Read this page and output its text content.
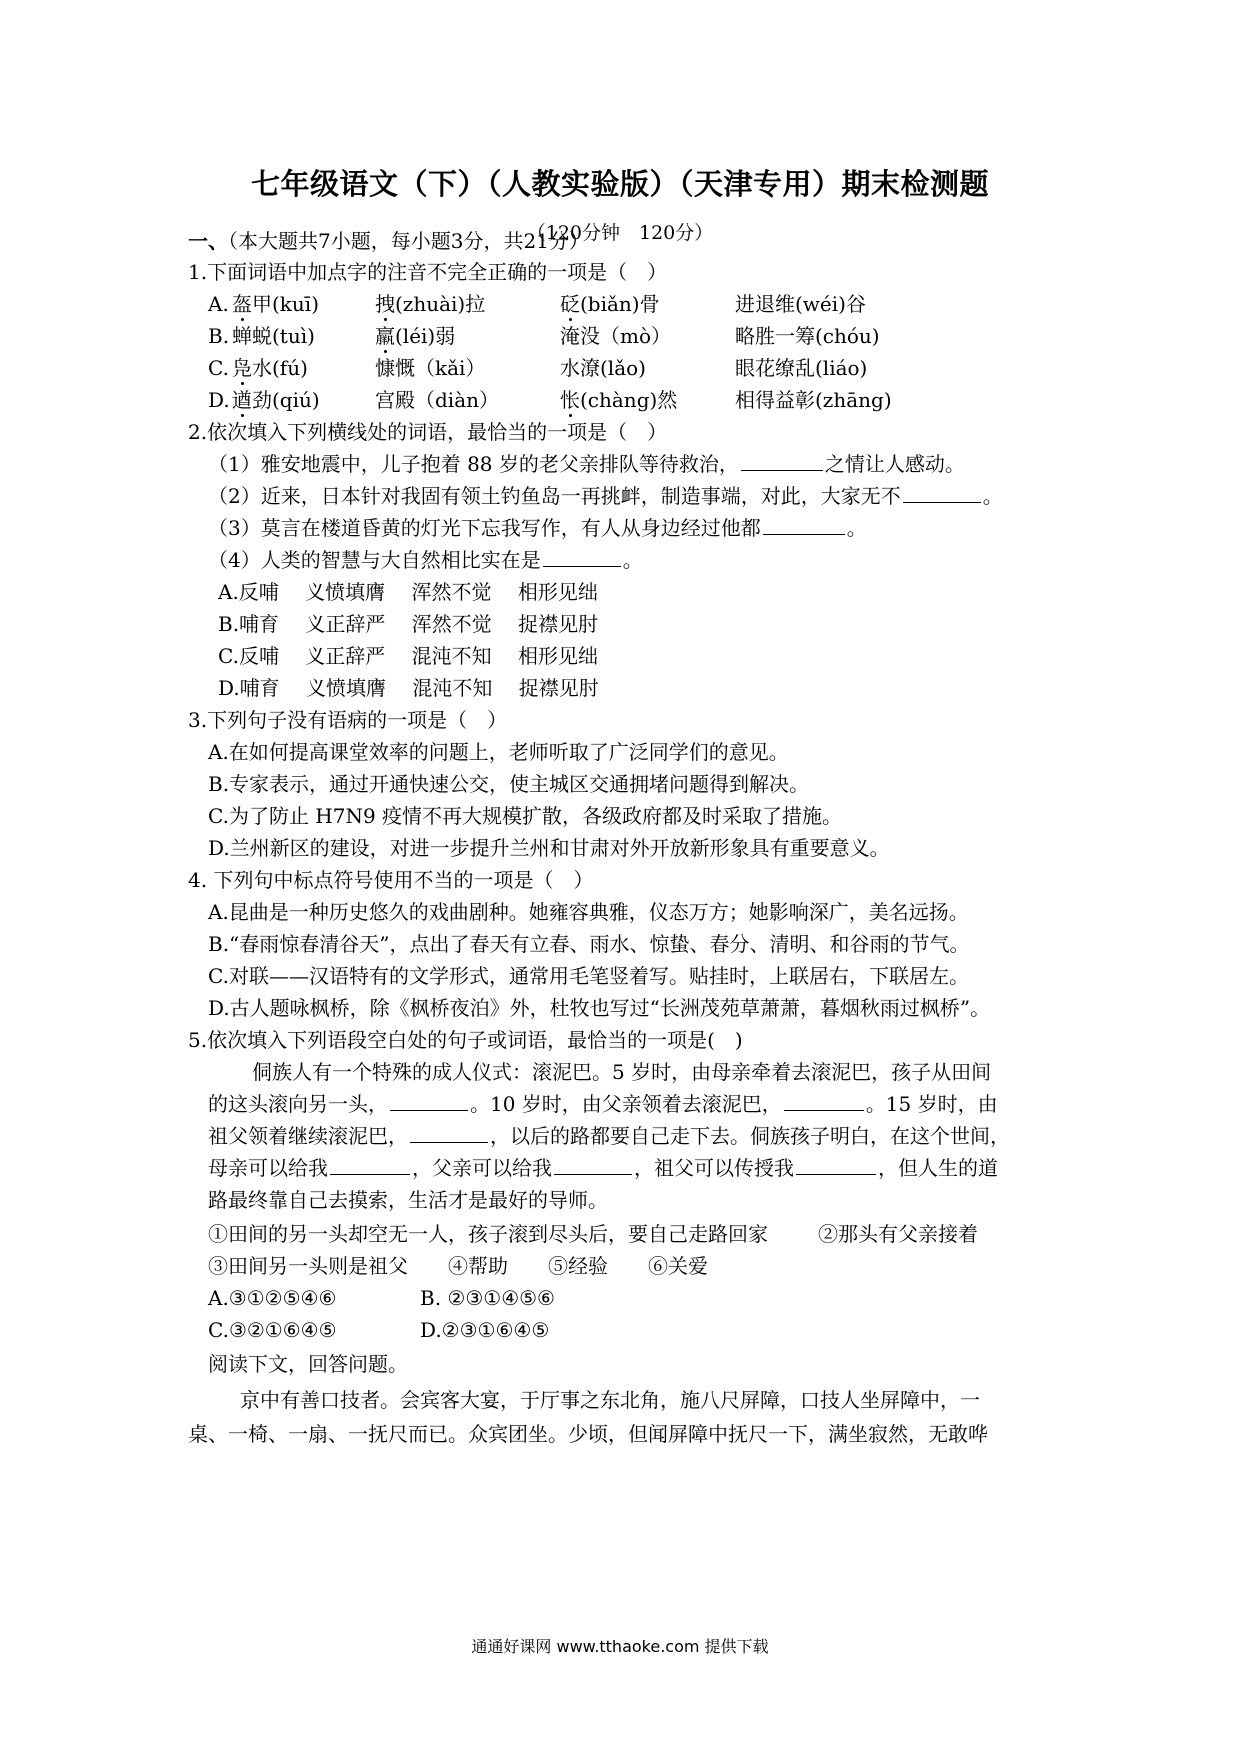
七年级语文（下）（人教实验版）（天津专用）期末检测题
（120分钟　120分）
一、（本大题共7小题，每小题3分，共21分）
1.下面词语中加点字的注音不完全正确的一项是（　）
A. 盔甲(kuī)	拽(zhuài)拉	砭(biǎn)骨	进退维(wéi)谷
B. 蝉蜕(tuì)	羸(léi)弱	淹没（mò）	略胜一筹(chóu)
C. 凫水(fú)	慷慨（kǎi）	水潦(lǎo)	眼花缭乱(liáo)
D. 遒劲(qiú)	宫殿（diàn）	怅(chàng)然	相得益彰(zhāng)
2.依次填入下列横线处的词语，最恰当的一项是（　）
（1）雅安地震中，儿子抱着 88 岁的老父亲排队等待救治，	之情让人感动。
（2）近来，日本针对我固有领土钓鱼岛一再挑衅，制造事端，对此，大家无不	。
（3）莫言在楼道昏黄的灯光下忘我写作，有人从身边经过他都	。
（4）人类的智慧与大自然相比实在是	。
A.反哺　 义愤填膺　 浑然不觉　 相形见绌
B.哺育　 义正辞严　 浑然不觉　 捉襟见肘
C.反哺　 义正辞严　 混沌不知　 相形见绌
D.哺育　 义愤填膺　 混沌不知　 捉襟见肘
3.下列句子没有语病的一项是（　）
A.在如何提高课堂效率的问题上，老师听取了广泛同学们的意见。
B.专家表示，通过开通快速公交，使主城区交通拥堵问题得到解决。
C.为了防止 H7N9 疫情不再大规模扩散，各级政府都及时采取了措施。
D.兰州新区的建设，对进一步提升兰州和甘肃对外开放新形象具有重要意义。
4. 下列句中标点符号使用不当的一项是（　）
A.昆曲是一种历史悠久的戏曲剧种。她雍容典雅，仪态万方；她影响深广，美名远扬。
B.“春雨惊春清谷天”，点出了春天有立春、雨水、惊蛰、春分、清明、和谷雨的节气。
C.对联——汉语特有的文学形式，通常用毛笔竖着写。贴挂时，上联居右，下联居左。
D.古人题咏枫桥，除《枫桥夜泊》外，杜牧也写过“长洲茂苑草萧萧，暮烟秋雨过枫桥”。
5.依次填入下列语段空白处的句子或词语，最恰当的一项是(　)
侗族人有一个特殊的成人仪式：滚泥巴。5 岁时，由母亲牵着去滚泥巴，孩子从田间
的这头滚向另一头，	。10 岁时，由父亲领着去滚泥巴，	。15 岁时，由
祖父领着继续滚泥巴，	，以后的路都要自己走下去。侗族孩子明白，在这个世间，
母亲可以给我	，父亲可以给我	，祖父可以传授我	，但人生的道
路最终靠自己去摸索，生活才是最好的导师。
①田间的另一头却空无一人，孩子滚到尽头后，要自己走路回家	②那头有父亲接着
③田间另一头则是祖父　　④帮助　　⑤经验　　⑥关爱
A.③①②⑤④⑥	B. ②③①④⑤⑥
C.③②①⑥④⑤	D.②③①⑥④⑤
阅读下文，回答问题。
京中有善口技者。会宾客大宴，于厅事之东北角，施八尺屏障，口技人坐屏障中，一
桌、一椅、一扇、一抚尺而已。众宾团坐。少顷，但闻屏障中抚尺一下，满坐寂然，无敢哗
通通好课网 www.tthaoke.com 提供下载
